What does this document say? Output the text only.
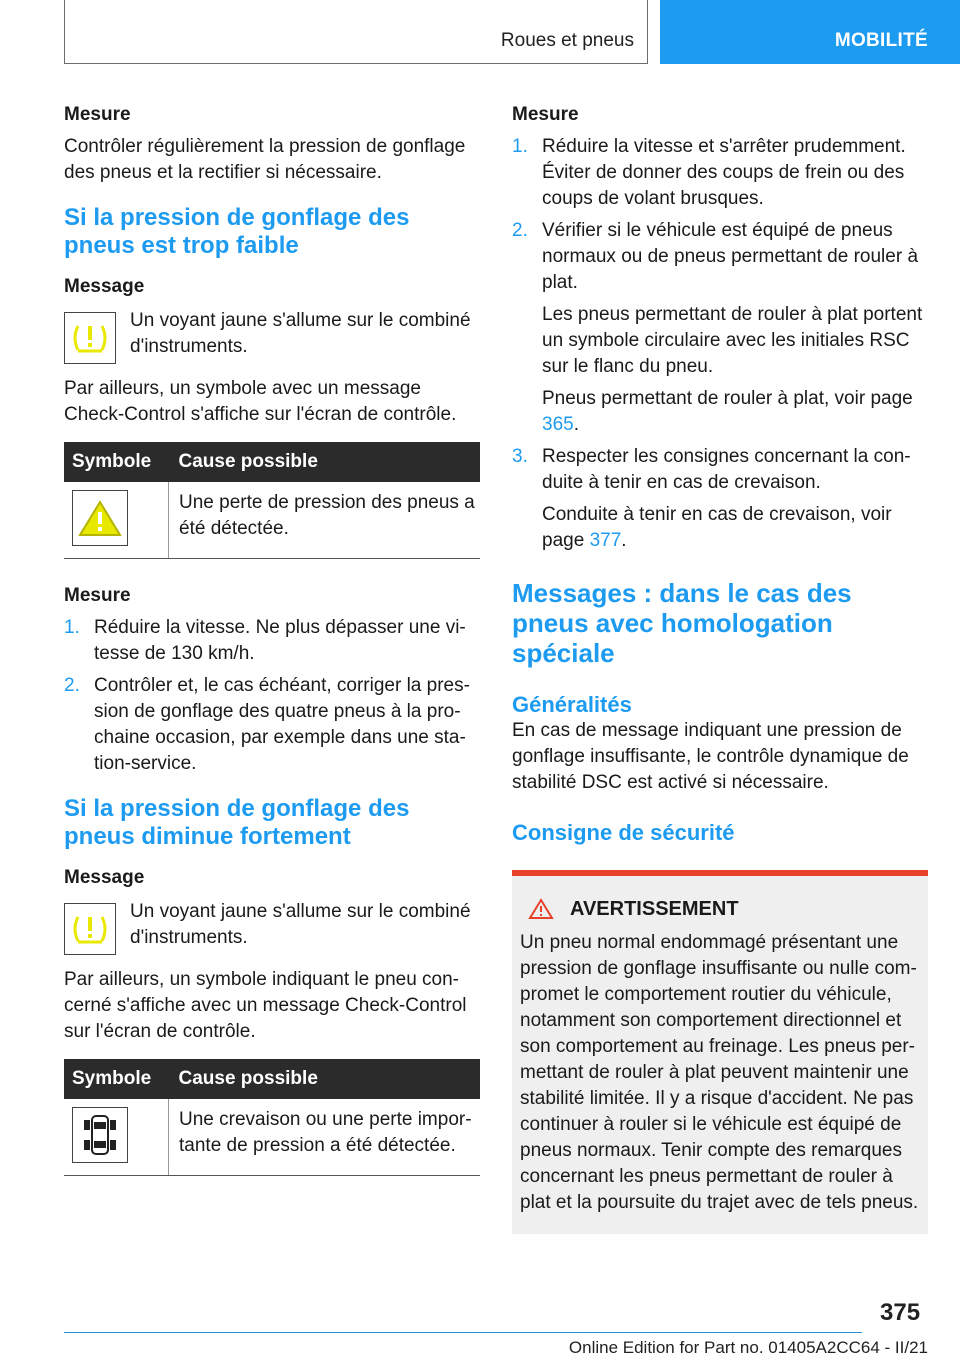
Roues et pneus	MOBILITÉ

Mesure

Contrôler régulièrement la pression de gonflage des pneus et la rectifier si nécessaire.

Si la pression de gonflage des pneus est trop faible

Message

Un voyant jaune s'allume sur le combiné d'instruments.

Par ailleurs, un symbole avec un message Check-Control s'affiche sur l'écran de contrôle.

Symbole	Cause possible

	Une perte de pression des pneus a été détectée.

Mesure

1. Réduire la vitesse. Ne plus dépasser une vi‐tesse de 130 km/h.
2. Contrôler et, le cas échéant, corriger la pres‐sion de gonflage des quatre pneus à la pro‐chaine occasion, par exemple dans une sta‐tion-service.
Si la pression de gonflage des pneus diminue fortement

Message

Un voyant jaune s'allume sur le combiné d'instruments.

Par ailleurs, un symbole indiquant le pneu con‐cerné s'affiche avec un message Check-Control sur l'écran de contrôle.

Symbole	Cause possible

	Une crevaison ou une perte impor‐tante de pression a été détectée.

Mesure

1. Réduire la vitesse et s'arrêter prudemment. Éviter de donner des coups de frein ou des coups de volant brusques.

2. Vérifier si le véhicule est équipé de pneus normaux ou de pneus permettant de rouler à plat.

Les pneus permettant de rouler à plat portent un symbole circulaire avec les initiales RSC sur le flanc du pneu.

Pneus permettant de rouler à plat, voir page 365.

3. Respecter les consignes concernant la con‐duite à tenir en cas de crevaison.

Conduite à tenir en cas de crevaison, voir page 377.

Messages : dans le cas des pneus avec homologation spéciale
Généralités

En cas de message indiquant une pression de gonflage insuffisante, le contrôle dynamique de stabilité DSC est activé si nécessaire.

Consigne de sécurité
AVERTISSEMENT

Un pneu normal endommagé présentant une pression de gonflage insuffisante ou nulle com‐promet le comportement routier du véhicule, notamment son comportement directionnel et son comportement au freinage. Les pneus per‐mettant de rouler à plat peuvent maintenir une stabilité limitée. Il y a risque d'accident. Ne pas continuer à rouler si le véhicule est équipé de pneus normaux. Tenir compte des remarques concernant les pneus permettant de rouler à plat et la poursuite du trajet avec de tels pneus.

375
Online Edition for Part no. 01405A2CC64 - II/21
